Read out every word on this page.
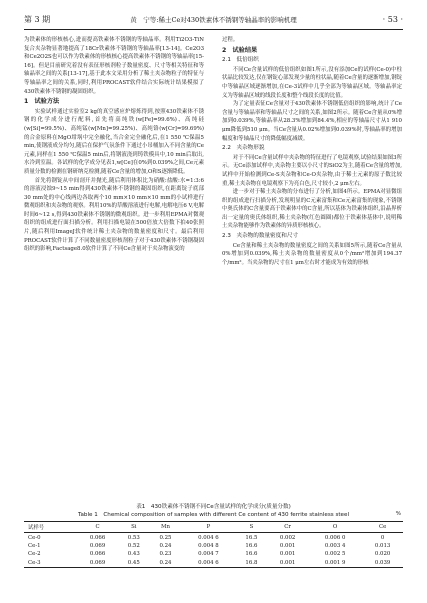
第 3 期	黄　宁等:稀土Ce对430铁素体不锈钢等轴晶率的影响机理	· 53 ·

为铁素体的形核核心,进而提高铁素体不锈钢的等轴晶率。利用Ti2O3-TiN复合夹杂物显著地提高了18Cr铁素体不锈钢的等轴晶率[13-14]。Ce2O3和Ce2O2S也可以作为铁素体的形核核心提高铁素体不锈钢的等轴晶率[15-16]。但是目前研究着没有表征形核剂粒子数量密度、尺寸等相关特征和等轴晶率之间的关系[13-17],基于此本文采用分析了稀土夹杂物粒子的特征与等轴晶率之间的关系,同时,利用PROCAST软件结合实际统计结果模拟了430铁素体不锈钢的凝固组织。

1　试验方法

实验试样通过实验室2 kg的真空感应炉熔炼得到,按照430铁素体不锈钢的化学成分进行配料,首先将高纯铁(w[Fe]=99.6%)、高纯硅(w[Si]=99.5%)、高纯锰(w[Mn]=99.25%)、高纯铬(w[Cr]=99.69%)的合金原料在MgO坩埚中完全融化,当合金完全融化后,在1 550 ℃保温5 min,使钢液成分均匀,随后在保护气氛条件下通过小吊桶加入不同含量的Ce元素,同样在1 550 ℃保温5 min后,将钢液浇到铸铁模具中,10 min后取出,水冷到室温。各试样的化学成分见表1,w[Ce]在0%到0.039%之间,Ce元素质量分数的检测在钢研纳克检测,随着Ce含量的增加,O和S逐渐降低。

首先将钢锭从中间剖开并抛光,随后利用体积比为硝酸:盐酸:水=1:3:6的溶液浸蚀9~15 min得到430铁素体不锈钢的凝固组织,在距离锭子底部30 mm处的中心线两边各取两个10 mm×10 mm×10 mm的小试样进行微观组织和夹杂物的观察。利用10%的草酸溶液进行电解,电解电压6 V,电解时间6~12 s,得到430铁素体不锈钢的微观组织。进一步利用EPMA对微观组织的组成进行面扫描分析。利用扫描电镜在500倍放大倍数下拍40张照片,随后利用ImageJ软件统计稀土夹杂物的数量密度和尺寸。最后利用PROCAST软件计算了不同数量密度形核剂粒子对于430铁素体不锈钢凝固组织的影响,Factsage8.0软件计算了不同Ce含量对于夹杂物演变的

过程。

2　试验结果
2.1　低倍组织

不同Ce含量试样的低倍组织如图1所示,没有添加Ce的试样(Ce-0)中柱状晶比较发达,仅在钢锭心部发现少量的柱状晶,随着Ce含量的逐渐增加,钢锭中等轴晶区域逐渐增加,在Ce-3试样中几乎全部为等轴晶区域。等轴晶率定义为等轴晶区域的线段长度和整个线段长度的比值。

为了定量表征Ce含量对于430铁素体不锈钢低倍组织的影响,统计了Ce含量与等轴晶率和等轴晶尺寸之间的关系,如图2所示。随着Ce含量从0%增加到0.039%,等轴晶率从28.3%增加到84.4%,相应的等轴晶尺寸从1 910 μm降低到510 μm。当Ce含量从0.02%增加到0.039%时,等轴晶率的增加幅度和等轴晶尺寸的降低幅度减缓。

2.2　夹杂物形貌

对于不同Ce含量试样中夹杂物的特征进行了电镜观察,试验结果如图3所示。无Ce添加试样中,夹杂物主要以小尺寸的SiO2为主,随着Ce含量的增加,试样中开始检测到Ce-S夹杂物和Ce-O夹杂物,由于稀土元素的原子数比较重,稀土夹杂物在电镜观察下为亮白色,尺寸较小,2 μm左右。

进一步对于稀土夹杂物的分布进行了分析,如图4所示。EPMA对显微组织的组成进行扫描分析,发现明显的C元素富集和Ce元素富集的现象,不锈钢中奥氏体的C含量要高于铁素体中的C含量,所以基体为铁素体组织,沿晶界析出一定量的奥氏体组织,稀土夹杂物(红色圆圈)都位于铁素体基体中,说明稀土夹杂物能够作为铁素体的异质形核核心。

2.3　夹杂物的数量密度和尺寸

Ce含量和稀土夹杂物的数量密度之间的关系如图5所示,随着Ce含量从0%增加到0.039%,稀土夹杂物的数量密度从0个/mm²增加到194.37个/mm²。当夹杂物的尺寸在1 μm左右时才能成为有效的形核

表1　430铁素体不锈钢不同Ce含量试样的化学成分(质量分数)
Table 1　Chemical composition of samples with different Ce content of 430 ferrite stainless steel	%
试样号	C	Si	Mn	P	S	Cr	O	Ce
Ce-0	0.066	0.53	0.25	0.004 6	16.5	0.002	0.006 0	0
Ce-1	0.069	0.52	0.24	0.004 8	16.6	0.001	0.003 4	0.013
Ce-2	0.066	0.43	0.23	0.004 7	16.6	0.001	0.002 5	0.020
Ce-3	0.069	0.45	0.24	0.004 6	16.8	0.001	0.001 9	0.039
